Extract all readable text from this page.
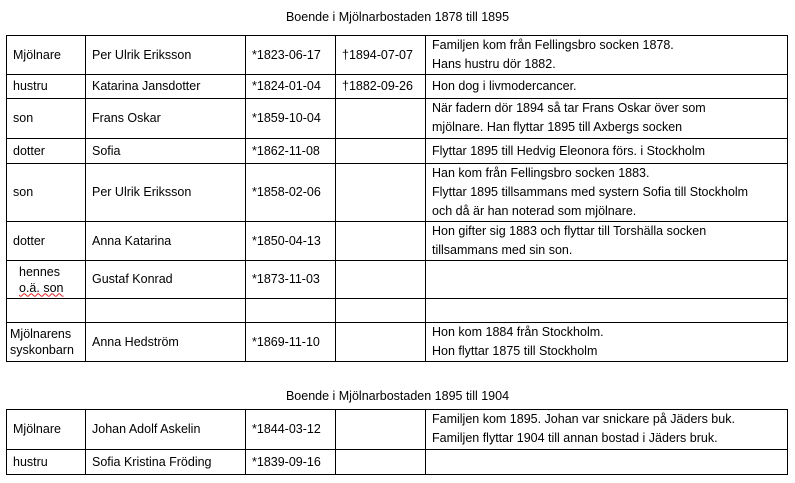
Boende i Mjölnarbostaden 1878 till 1895
Mjölnare	Per Ulrik Eriksson	*1823-06-17	†1894-07-07	Familjen kom från Fellingsbro socken 1878.
Hans hustru dör 1882.

hustru	Katarina Jansdotter	*1824-01-04	†1882-09-26	Hon dog i livmodercancer.

son	Frans Oskar	*1859-10-04		När fadern dör 1894 så tar Frans Oskar över som
mjölnare. Han flyttar 1895 till Axbergs socken

dotter	Sofia	*1862-11-08		Flyttar 1895 till Hedvig Eleonora förs. i Stockholm

son	Per Ulrik Eriksson	*1858-02-06		Han kom från Fellingsbro socken 1883.
Flyttar 1895 tillsammans med systern Sofia till Stockholm
och då är han noterad som mjölnare.

dotter	Anna Katarina	*1850-04-13		Hon gifter sig 1883 och flyttar till Torshälla socken
tillsammans med sin son.

hennes
o.ä. son	Gustaf Konrad	*1873-11-03		

Mjölnarens
syskonbarn	Anna Hedström	*1869-11-10		Hon kom 1884 från Stockholm.
Hon flyttar 1875 till Stockholm
Boende i Mjölnarbostaden 1895 till 1904
Mjölnare	Johan Adolf Askelin	*1844-03-12		Familjen kom 1895. Johan var snickare på Jäders buk.
Familjen flyttar 1904 till annan bostad i Jäders bruk.

hustru	Sofia Kristina Fröding	*1839-09-16		
